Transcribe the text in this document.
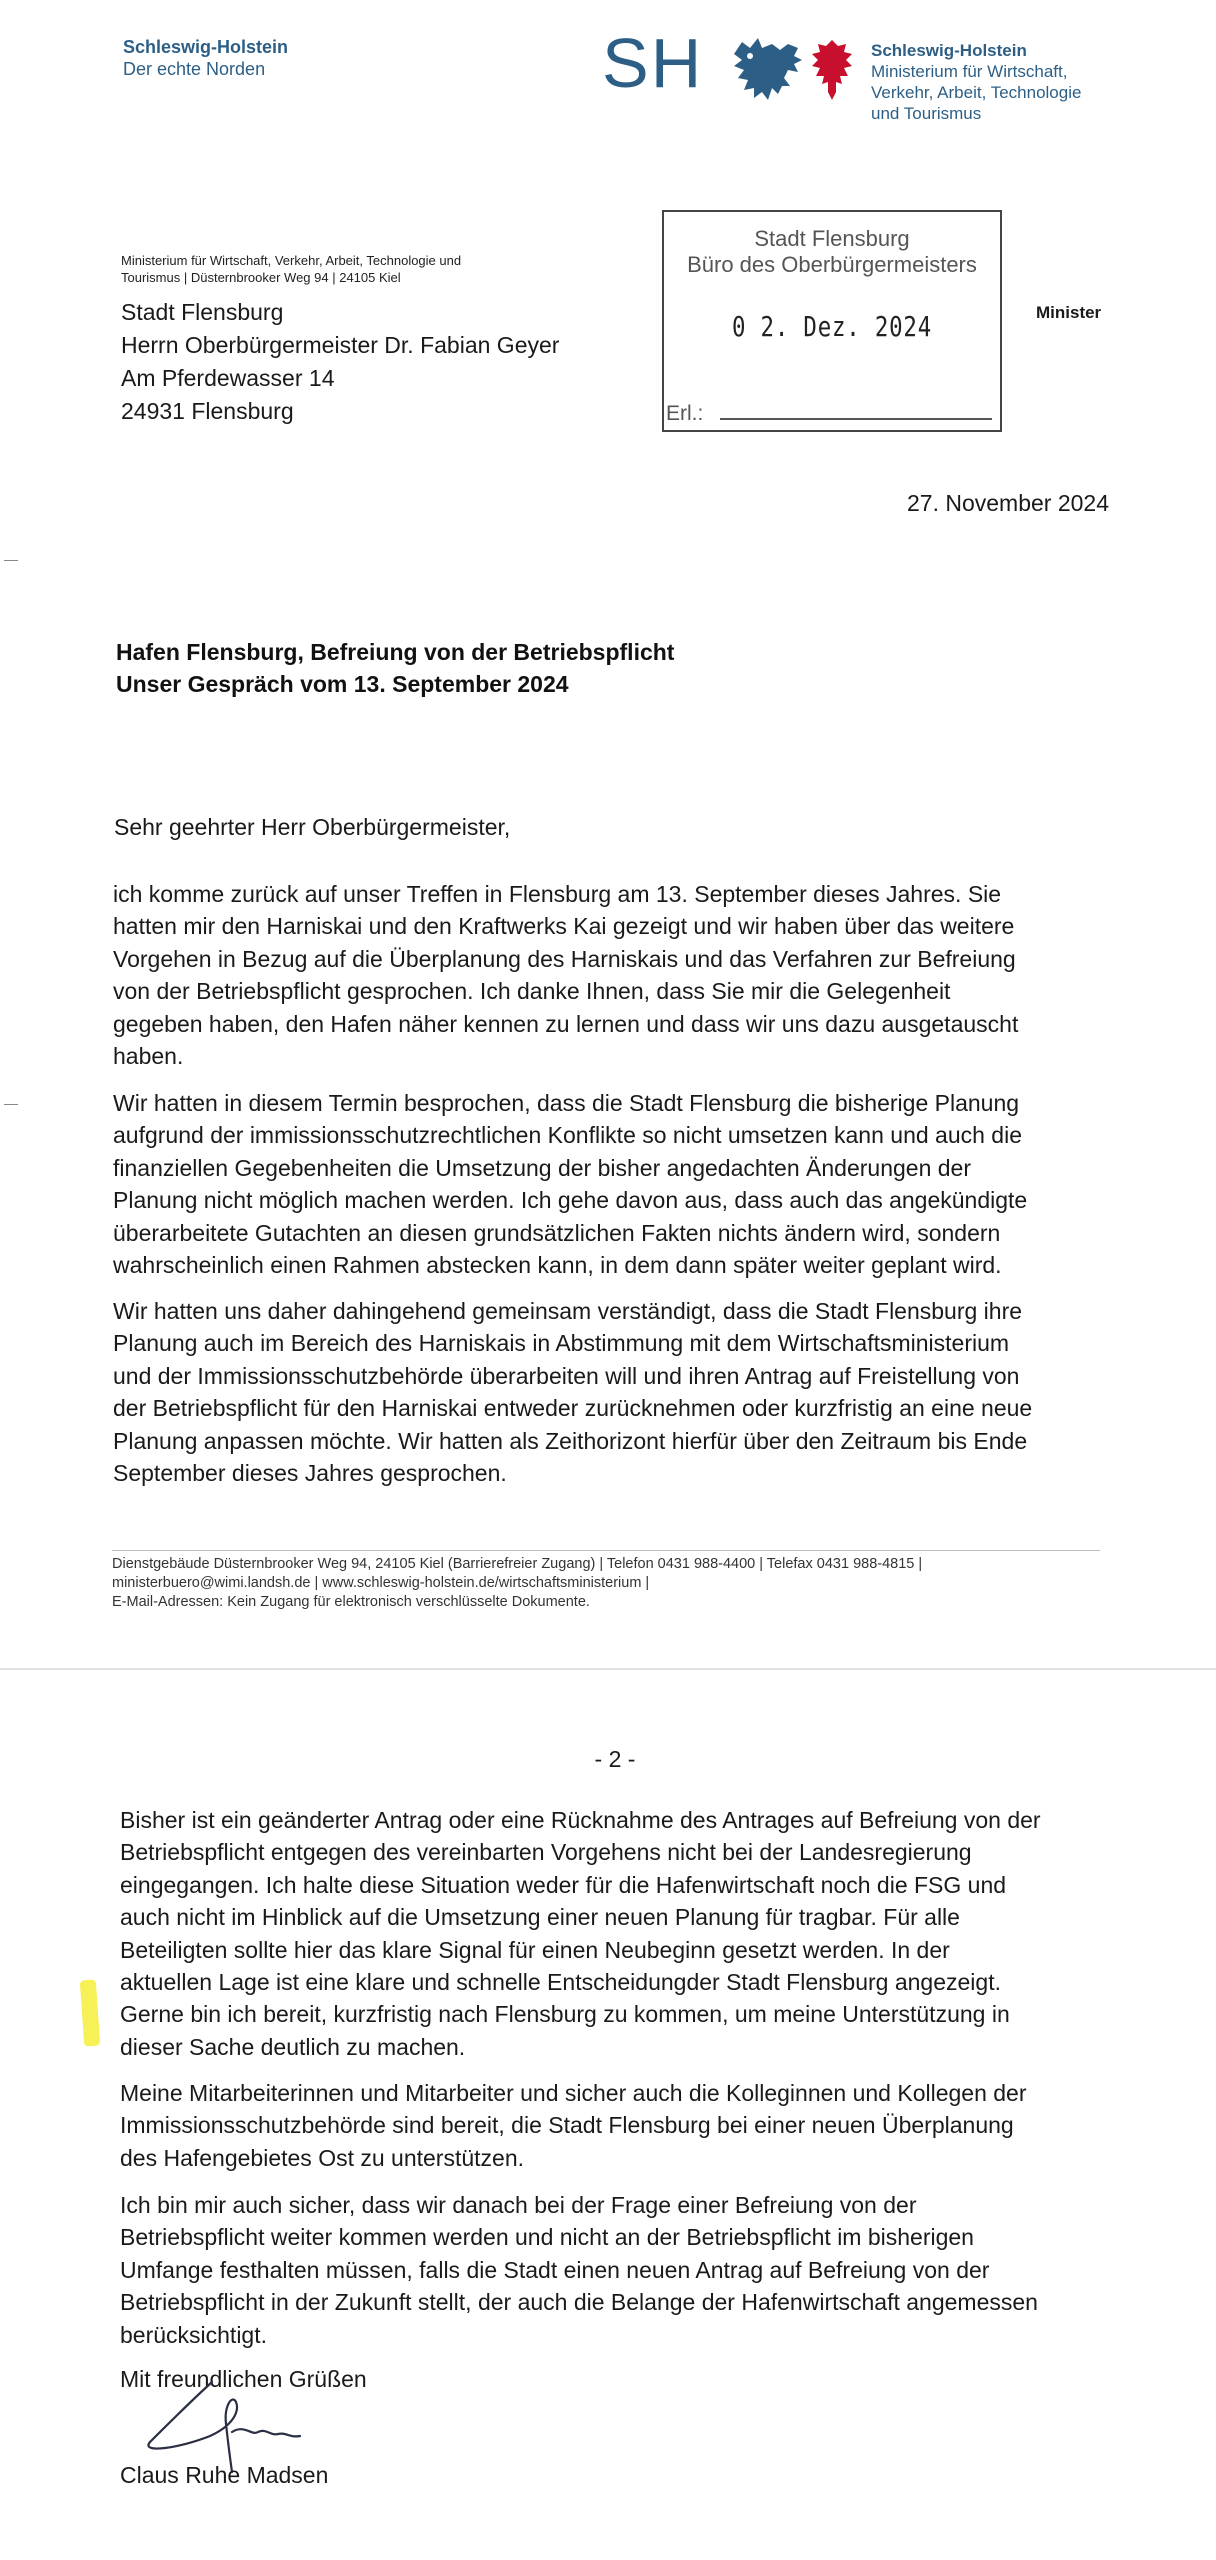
Schleswig-Holstein
Der echte Norden	SH	Schleswig-Holstein
Ministerium für Wirtschaft,
Verkehr, Arbeit, Technologie
und Tourismus
Ministerium für Wirtschaft, Verkehr, Arbeit, Technologie und
Tourismus | Düsternbrooker Weg 94 | 24105 Kiel
Stadt Flensburg
Herrn Oberbürgermeister Dr. Fabian Geyer
Am Pferdewasser 14
24931 Flensburg
Stadt Flensburg
Büro des Oberbürgermeisters
0 2. Dez. 2024
Erl.:
Minister
27. November 2024
Hafen Flensburg, Befreiung von der Betriebspflicht
Unser Gespräch vom 13. September 2024
Sehr geehrter Herr Oberbürgermeister,
ich komme zurück auf unser Treffen in Flensburg am 13. September dieses Jahres. Sie
hatten mir den Harniskai und den Kraftwerks Kai gezeigt und wir haben über das weitere
Vorgehen in Bezug auf die Überplanung des Harniskais und das Verfahren zur Befreiung
von der Betriebspflicht gesprochen. Ich danke Ihnen, dass Sie mir die Gelegenheit
gegeben haben, den Hafen näher kennen zu lernen und dass wir uns dazu ausgetauscht
haben.
Wir hatten in diesem Termin besprochen, dass die Stadt Flensburg die bisherige Planung
aufgrund der immissionsschutzrechtlichen Konflikte so nicht umsetzen kann und auch die
finanziellen Gegebenheiten die Umsetzung der bisher angedachten Änderungen der
Planung nicht möglich machen werden. Ich gehe davon aus, dass auch das angekündigte
überarbeitete Gutachten an diesen grundsätzlichen Fakten nichts ändern wird, sondern
wahrscheinlich einen Rahmen abstecken kann, in dem dann später weiter geplant wird.
Wir hatten uns daher dahingehend gemeinsam verständigt, dass die Stadt Flensburg ihre
Planung auch im Bereich des Harniskais in Abstimmung mit dem Wirtschaftsministerium
und der Immissionsschutzbehörde überarbeiten will und ihren Antrag auf Freistellung von
der Betriebspflicht für den Harniskai entweder zurücknehmen oder kurzfristig an eine neue
Planung anpassen möchte. Wir hatten als Zeithorizont hierfür über den Zeitraum bis Ende
September dieses Jahres gesprochen.
Dienstgebäude Düsternbrooker Weg 94, 24105 Kiel (Barrierefreier Zugang) | Telefon 0431 988-4400 | Telefax 0431 988-4815 |
ministerbuero@wimi.landsh.de | www.schleswig-holstein.de/wirtschaftsministerium |
E-Mail-Adressen: Kein Zugang für elektronisch verschlüsselte Dokumente.
- 2 -
Bisher ist ein geänderter Antrag oder eine Rücknahme des Antrages auf Befreiung von der
Betriebspflicht entgegen des vereinbarten Vorgehens nicht bei der Landesregierung
eingegangen. Ich halte diese Situation weder für die Hafenwirtschaft noch die FSG und
auch nicht im Hinblick auf die Umsetzung einer neuen Planung für tragbar. Für alle
Beteiligten sollte hier das klare Signal für einen Neubeginn gesetzt werden. In der
aktuellen Lage ist eine klare und schnelle Entscheidungder Stadt Flensburg angezeigt.
Gerne bin ich bereit, kurzfristig nach Flensburg zu kommen, um meine Unterstützung in
dieser Sache deutlich zu machen.
Meine Mitarbeiterinnen und Mitarbeiter und sicher auch die Kolleginnen und Kollegen der
Immissionsschutzbehörde sind bereit, die Stadt Flensburg bei einer neuen Überplanung
des Hafengebietes Ost zu unterstützen.
Ich bin mir auch sicher, dass wir danach bei der Frage einer Befreiung von der
Betriebspflicht weiter kommen werden und nicht an der Betriebspflicht im bisherigen
Umfange festhalten müssen, falls die Stadt einen neuen Antrag auf Befreiung von der
Betriebspflicht in der Zukunft stellt, der auch die Belange der Hafenwirtschaft angemessen
berücksichtigt.
Mit freundlichen Grüßen
Claus Ruhe Madsen
